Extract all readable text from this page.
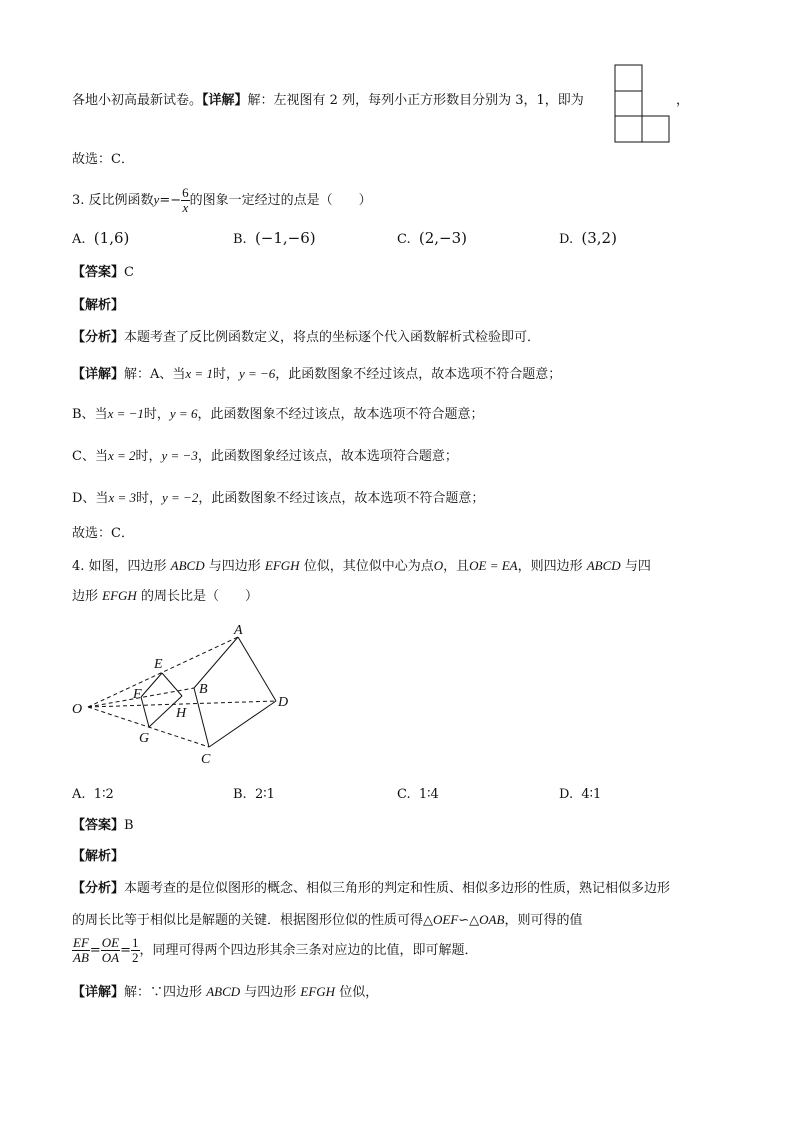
各地小初高最新试卷。【详解】解：左视图有 2 列，每列小正方形数目分别为 3，1，即为	，
故选：C．
3. 反比例函数$y=- \frac{6}{x}$ 的图象一定经过的点是（　　）
A. (1,6)	B. (−1,−6)	C. (2,−3)	D. (3,2)
【答案】C
【解析】
【分析】本题考查了反比例函数定义，将点的坐标逐个代入函数解析式检验即可．
【详解】解：A、当x = 1时，y = −6，此函数图象不经过该点，故本选项不符合题意；
B、当x = −1时，y = 6，此函数图象不经过该点，故本选项不符合题意；
C、当x = 2时，y = −3，此函数图象经过该点，故本选项符合题意；
D、当x = 3时，y = −2，此函数图象不经过该点，故本选项不符合题意；
故选：C．
4. 如图，四边形 ABCD 与四边形 EFGH 位似，其位似中心为点O，且OE = EA，则四边形 ABCD 与四
边形 EFGH 的周长比是（　　）
A
B
C
D
E
F
G
H
O
A. 1∶2	B. 2∶1	C. 1∶4	D. 4∶1
【答案】B
【解析】
【分析】本题考查的是位似图形的概念、相似三角形的判定和性质、相似多边形的性质，熟记相似多边形
的周长比等于相似比是解题的关键．根据图形位似的性质可得△OEF∽△OAB，则可得的值
$\frac{EF}{AB} = \frac{OE}{OA} = \frac{1}{2}$ ，同理可得两个四边形其余三条对应边的比值，即可解题．
【详解】解：∵四边形 ABCD 与四边形 EFGH 位似，
